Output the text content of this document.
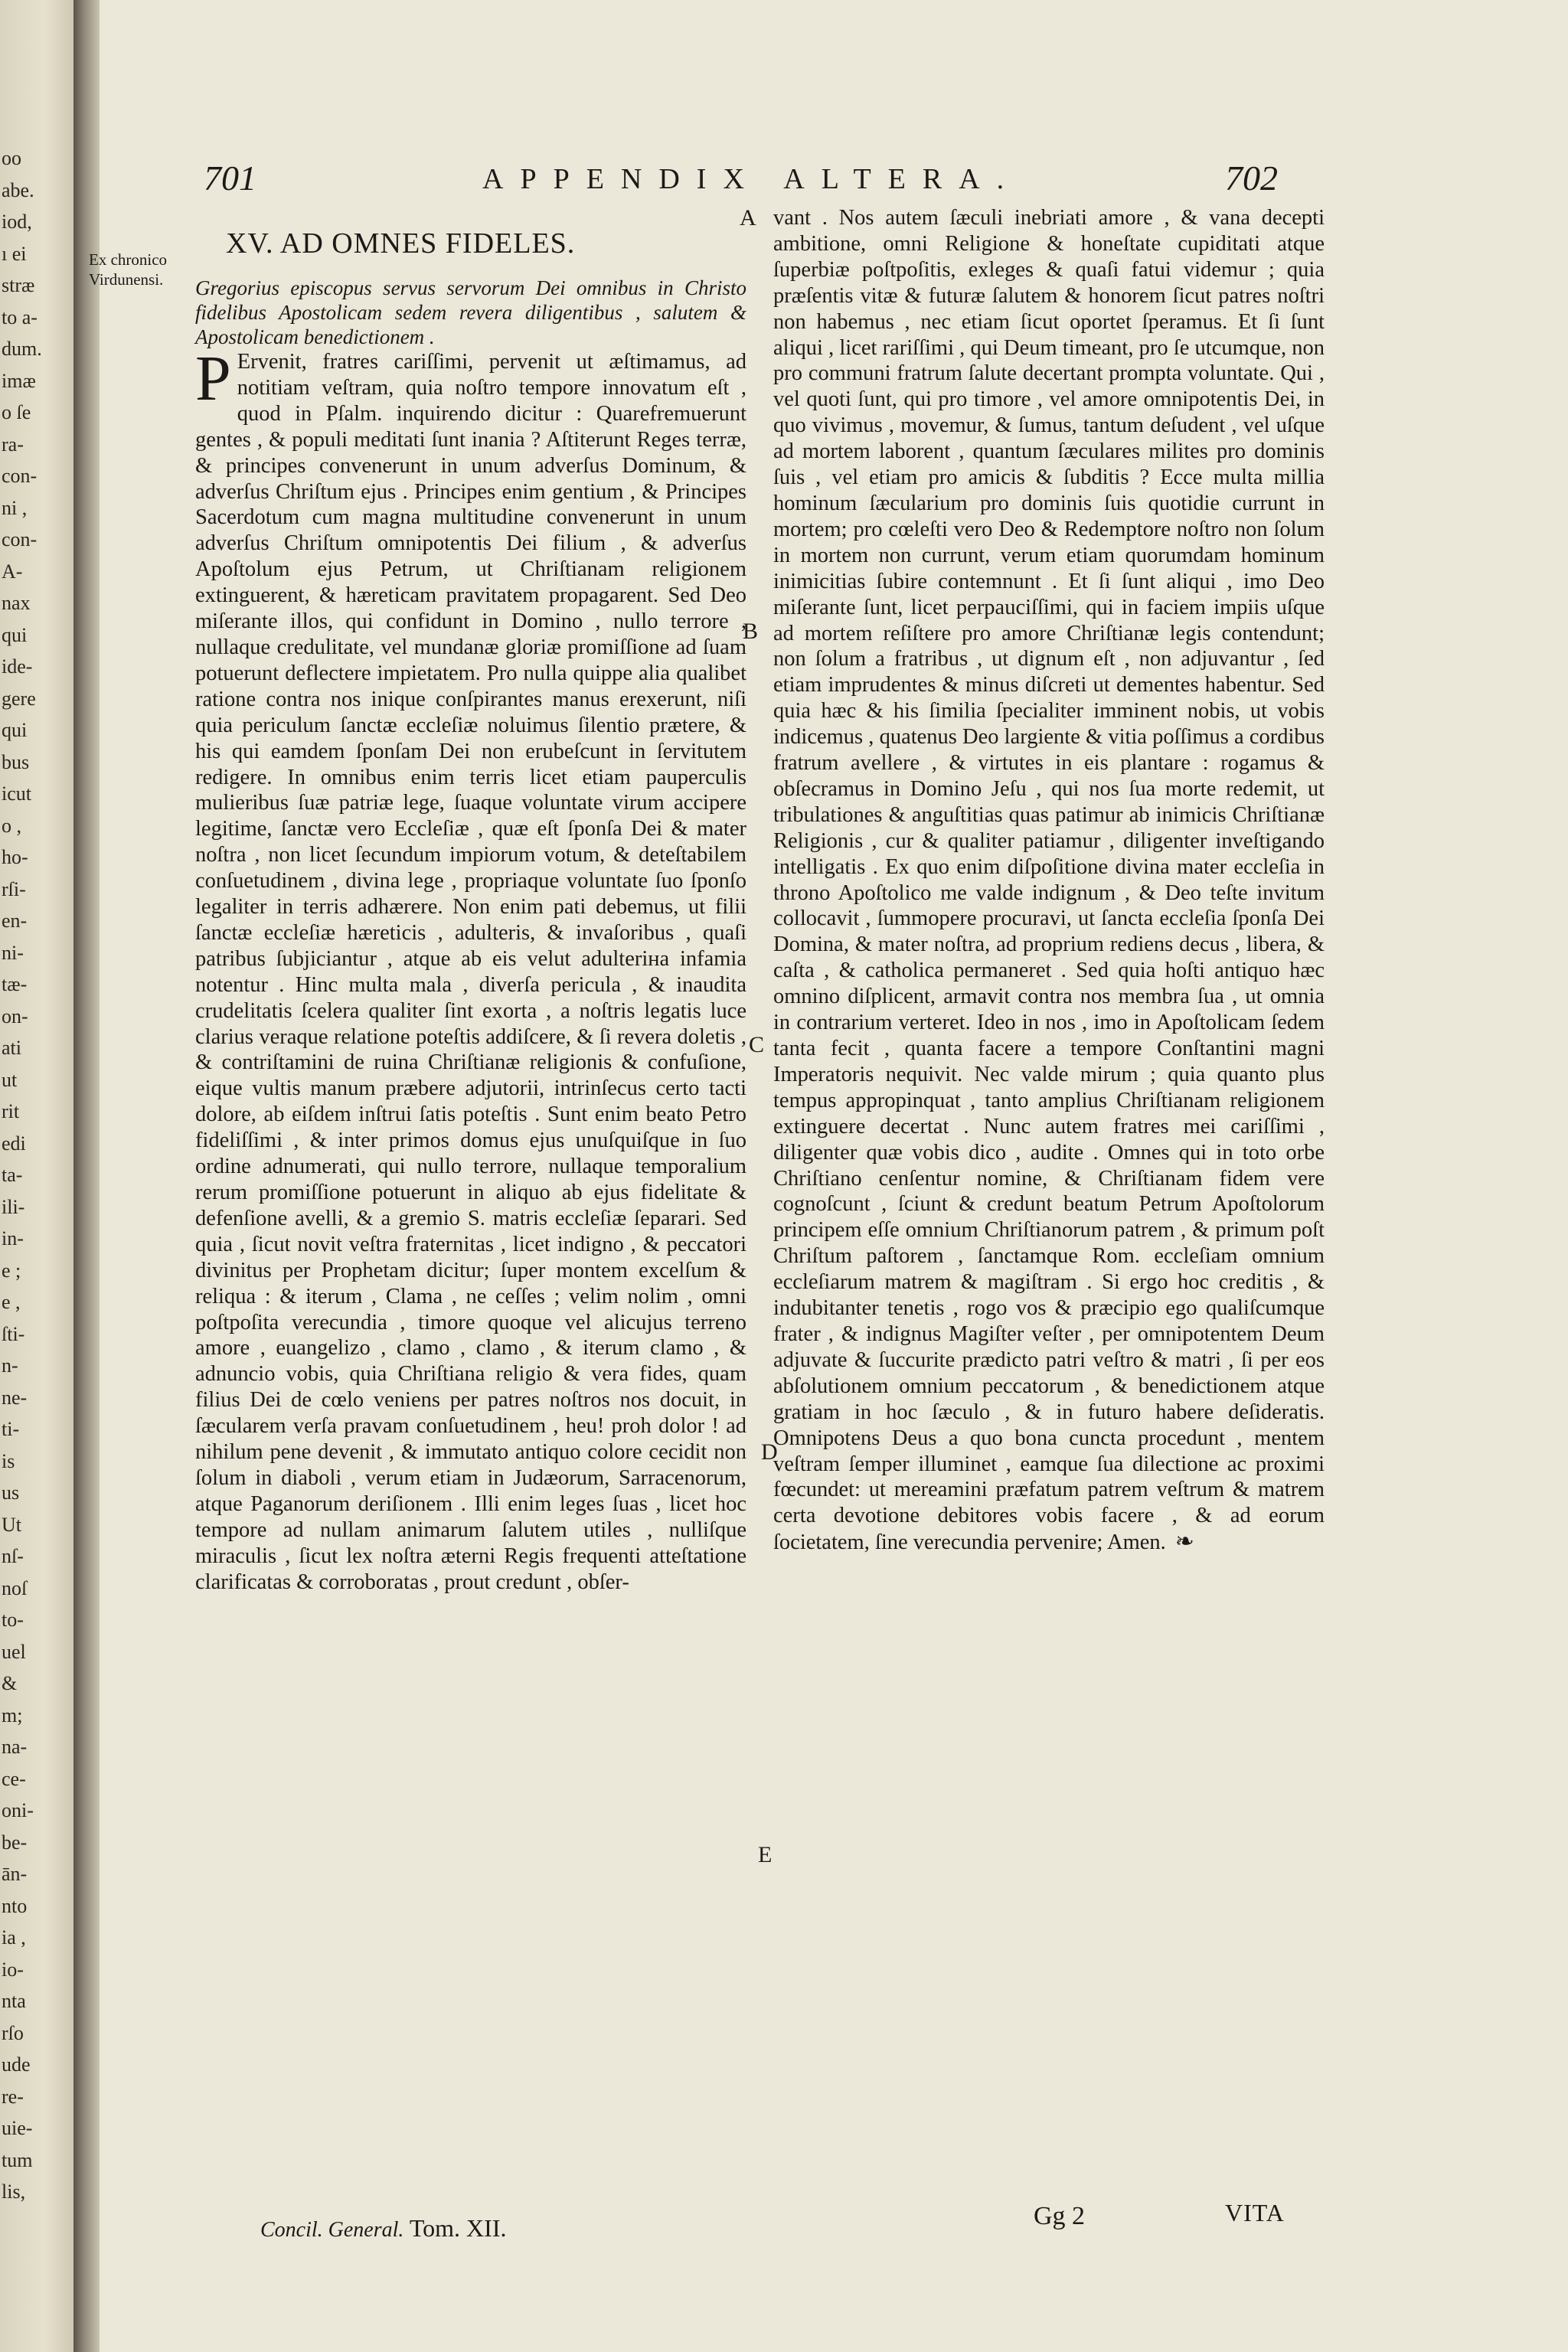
oo
abe.
iod,
ı ei
stræ
to a-
dum.
imæ
o ſe
ra-
con-
ni ,
con-
A-
nax
qui
ide-
gere
qui
bus
icut
o ,
ho-
rſi-
en-
ni-
tæ-
on-
ati
ut
rit
edi
ta-
ili-
in-
e ;
e ,
ſti-
n-
ne-
ti-
is
us
Ut
nſ-
noſ
to-
uel
&
m;
na-
ce-
oni-
be-
ān-
nto
ia ,
io-
nta
rſo
ude
re-
uie-
tum
lis,
701	APPENDIX ALTERA.	702
Ex chronico Virdunensi.
A
B
C
D
E
XV. AD OMNES FIDELES.

Gregorius episcopus servus servorum Dei omnibus in Christo fidelibus Apostolicam sedem revera diligentibus , salutem & Apostolicam benedictionem .

P Ervenit, fratres cariſſimi, pervenit ut æſtimamus, ad notitiam veſtram, quia noſtro tempore innovatum eſt , quod in Pſalm. inquirendo dicitur : Quarefremuerunt gentes , & populi meditati ſunt inania ? Aſtiterunt Reges terræ, & principes convenerunt in unum adverſus Dominum, & adverſus Chriſtum ejus . Principes enim gentium , & Principes Sacerdotum cum magna multitudine convenerunt in unum adverſus Chriſtum omnipotentis Dei filium , & adverſus Apoſtolum ejus Petrum, ut Chriſtianam religionem extinguerent, & hæreticam pravitatem propagarent. Sed Deo miſerante illos, qui confidunt in Domino , nullo terrore , nullaque credulitate, vel mundanæ gloriæ promiſſione ad ſuam potuerunt deflectere impietatem. Pro nulla quippe alia qualibet ratione contra nos inique conſpirantes manus erexerunt, niſi quia periculum ſanctæ eccleſiæ noluimus ſilentio prætere, & his qui eamdem ſponſam Dei non erubeſcunt in ſervitutem redigere. In omnibus enim terris licet etiam pauperculis mulieribus ſuæ patriæ lege, ſuaque voluntate virum accipere legitime, ſanctæ vero Eccleſiæ , quæ eſt ſponſa Dei & mater noſtra , non licet ſecundum impiorum votum, & deteſtabilem conſuetudinem , divina lege , propriaque voluntate ſuo ſponſo legaliter in terris adhærere. Non enim pati debemus, ut filii ſanctæ eccleſiæ hæreticis , adulteris, & invaſoribus , quaſi patribus ſubjiciantur , atque ab eis velut adulteriна infamia notentur . Hinc multa mala , diverſa pericula , & inaudita crudelitatis ſcelera qualiter ſint exorta , a noſtris legatis luce clarius veraque relatione poteſtis addiſcere, & ſi revera doletis , & contriſtamini de ruina Chriſtianæ religionis & confuſione, eique vultis manum præbere adjutorii, intrinſecus certo tacti dolore, ab eiſdem inſtrui ſatis poteſtis . Sunt enim beato Petro fideliſſimi , & inter primos domus ejus unuſquiſque in ſuo ordine adnumerati, qui nullo terrore, nullaque temporalium rerum promiſſione potuerunt in aliquo ab ejus fidelitate & defenſione avelli, & a gremio S. matris eccleſiæ ſeparari. Sed quia , ſicut novit veſtra fraternitas , licet indigno , & peccatori divinitus per Prophetam dicitur; ſuper montem excelſum & reliqua : & iterum , Clama , ne ceſſes ; velim nolim , omni poſtpoſita verecundia , timore quoque vel alicujus terreno amore , euangelizo , clamo , clamo , & iterum clamo , & adnuncio vobis, quia Chriſtiana religio & vera fides, quam filius Dei de cœlo veniens per patres noſtros nos docuit, in ſæcularem verſa pravam conſuetudinem , heu! proh dolor ! ad nihilum pene devenit , & immutato antiquo colore cecidit non ſolum in diaboli , verum etiam in Judæorum, Sarracenorum, atque Paganorum deriſionem . Illi enim leges ſuas , licet hoc tempore ad nullam animarum ſalutem utiles , nulliſque miraculis , ſicut lex noſtra æterni Regis frequenti atteſtatione clarificatas & corroboratas , prout credunt , obſer-

vant . Nos autem ſæculi inebriati amore , & vana decepti ambitione, omni Religione & honeſtate cupiditati atque ſuperbiæ poſtpoſitis, exleges & quaſi fatui videmur ; quia præſentis vitæ & futuræ ſalutem & honorem ſicut patres noſtri non habemus , nec etiam ſicut oportet ſperamus. Et ſi ſunt aliqui , licet rariſſimi , qui Deum timeant, pro ſe utcumque, non pro communi fratrum ſalute decertant prompta voluntate. Qui , vel quoti ſunt, qui pro timore , vel amore omnipotentis Dei, in quo vivimus , movemur, & ſumus, tantum deſudent , vel uſque ad mortem laborent , quantum ſæculares milites pro dominis ſuis , vel etiam pro amicis & ſubditis ? Ecce multa millia hominum ſæcularium pro dominis ſuis quotidie currunt in mortem; pro cœleſti vero Deo & Redemptore noſtro non ſolum in mortem non currunt, verum etiam quorumdam hominum inimicitias ſubire contemnunt . Et ſi ſunt aliqui , imo Deo miſerante ſunt, licet perpauciſſimi, qui in faciem impiis uſque ad mortem reſiſtere pro amore Chriſtianæ legis contendunt; non ſolum a fratribus , ut dignum eſt , non adjuvantur , ſed etiam imprudentes & minus diſcreti ut dementes habentur. Sed quia hæc & his ſimilia ſpecialiter imminent nobis, ut vobis indicemus , quatenus Deo largiente & vitia poſſimus a cordibus fratrum avellere , & virtutes in eis plantare : rogamus & obſecramus in Domino Jeſu , qui nos ſua morte redemit, ut tribulationes & anguſtitias quas patimur ab inimicis Chriſtianæ Religionis , cur & qualiter patiamur , diligenter inveſtigando intelligatis . Ex quo enim diſpoſitione divina mater eccleſia in throno Apoſtolico me valde indignum , & Deo teſte invitum collocavit , ſummopere procuravi, ut ſancta eccleſia ſponſa Dei Domina, & mater noſtra, ad proprium rediens decus , libera, & caſta , & catholica permaneret . Sed quia hoſti antiquo hæc omnino diſplicent, armavit contra nos membra ſua , ut omnia in contrarium verteret. Ideo in nos , imo in Apoſtolicam ſedem tanta fecit , quanta facere a tempore Conſtantini magni Imperatoris nequivit. Nec valde mirum ; quia quanto plus tempus appropinquat , tanto amplius Chriſtianam religionem extinguere decertat . Nunc autem fratres mei cariſſimi , diligenter quæ vobis dico , audite . Omnes qui in toto orbe Chriſtiano cenſentur nomine, & Chriſtianam fidem vere cognoſcunt , ſciunt & credunt beatum Petrum Apoſtolorum principem eſſe omnium Chriſtianorum patrem , & primum poſt Chriſtum paſtorem , ſanctamque Rom. eccleſiam omnium eccleſiarum matrem & magiſtram . Si ergo hoc creditis , & indubitanter tenetis , rogo vos & præcipio ego qualiſcumque frater , & indignus Magiſter veſter , per omnipotentem Deum adjuvate & ſuccurite prædicto patri veſtro & matri , ſi per eos abſolutionem omnium peccatorum , & benedictionem atque gratiam in hoc ſæculo , & in futuro habere deſideratis. Omnipotens Deus a quo bona cuncta procedunt , mentem veſtram ſemper illuminet , eamque ſua dilectione ac proximi fœcundet: ut mereamini præfatum patrem veſtrum & matrem certa devotione debitores vobis facere , & ad eorum ſocietatem, ſine verecundia pervenire; Amen. ❧

Concil. General. Tom. XII.	Gg 2	VITA
